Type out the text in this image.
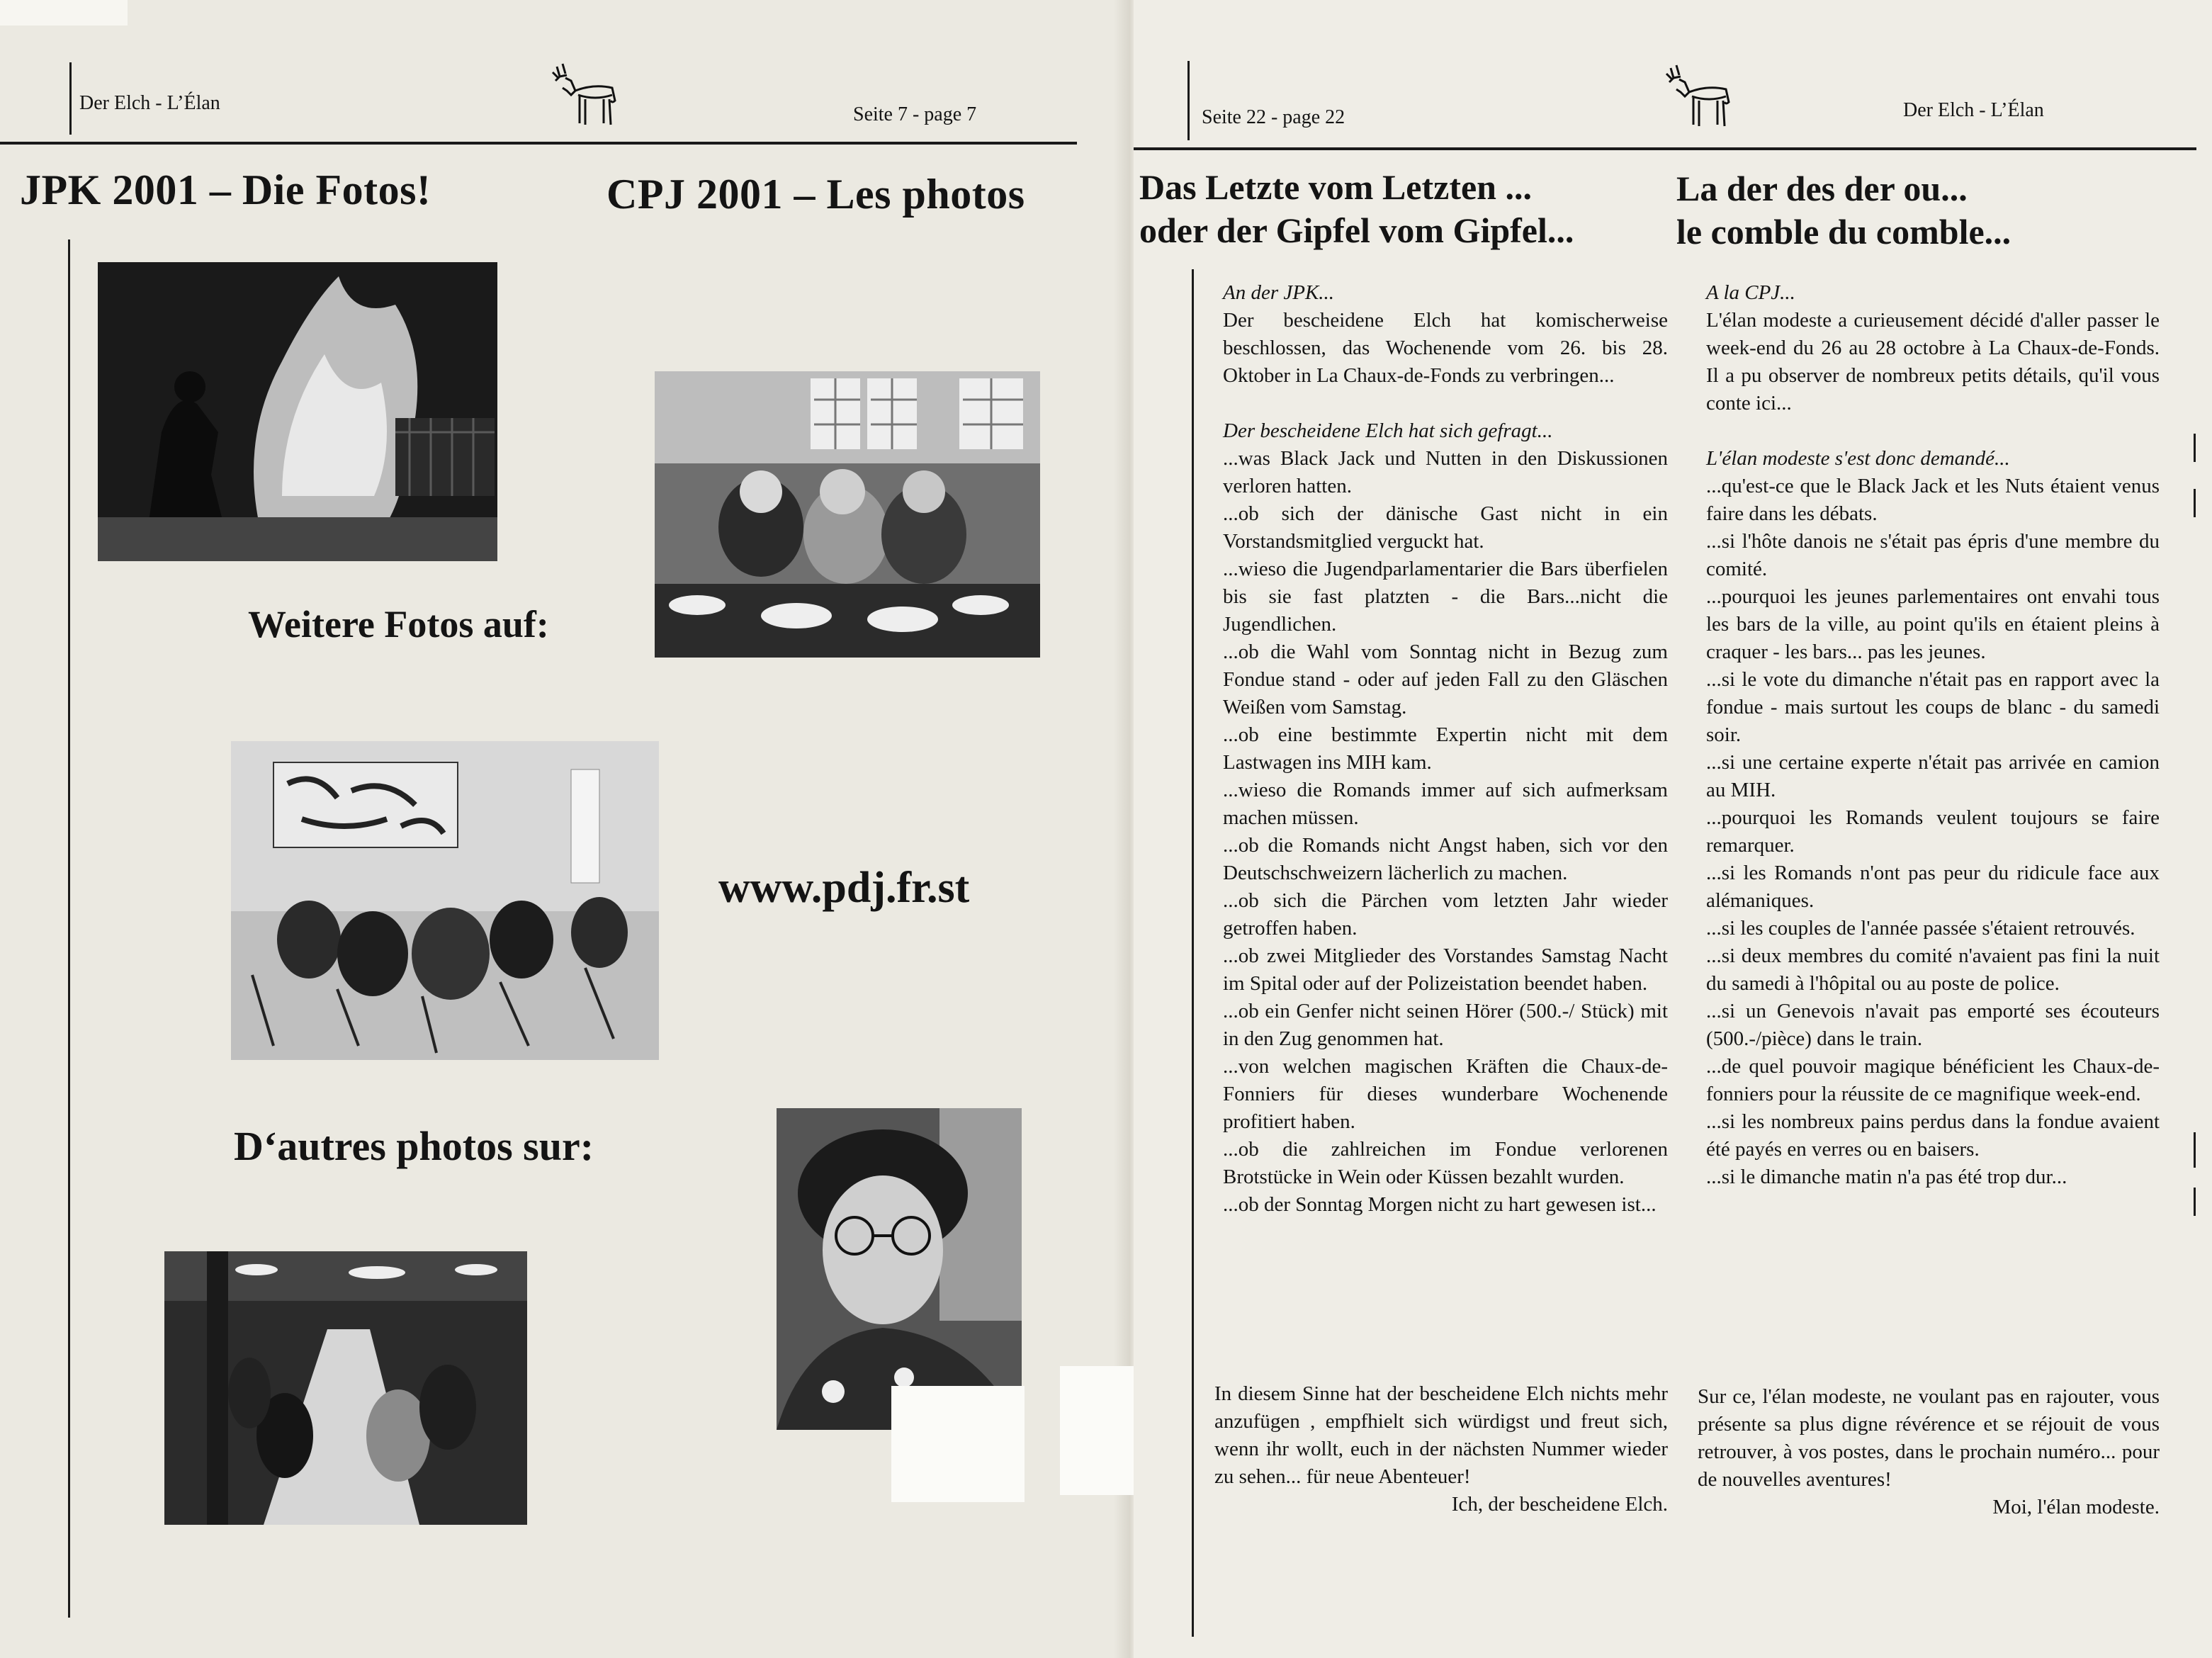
Der Elch - L’Élan
Seite 7 - page 7
JPK 2001 – Die Fotos!	CPJ 2001 – Les photos
Weitere Fotos auf:
www.pdj.fr.st
D‘autres photos sur:
Seite 22 - page 22	Der Elch - L’Élan
Das Letzte vom Letzten ...
oder der Gipfel vom Gipfel...
La der des der ou...
le comble du comble...

An der JPK...

Der bescheidene Elch hat komischerweise beschlossen, das Wochenende vom 26. bis 28. Oktober in La Chaux-de-Fonds zu verbringen...

Der bescheidene Elch hat sich gefragt...

...was Black Jack und Nutten in den Diskussionen verloren hatten.

...ob sich der dänische Gast nicht in ein Vorstandsmitglied verguckt hat.

...wieso die Jugendparlamentarier die Bars überfielen bis sie fast platzten - die Bars...nicht die Jugendlichen.

...ob die Wahl vom Sonntag nicht in Bezug zum Fondue stand - oder auf jeden Fall zu den Gläschen Weißen vom Samstag.

...ob eine bestimmte Expertin nicht mit dem Lastwagen ins MIH kam.

...wieso die Romands immer auf sich aufmerksam machen müssen.

...ob die Romands nicht Angst haben, sich vor den Deutschschweizern lächerlich zu machen.

...ob sich die Pärchen vom letzten Jahr wieder getroffen haben.

...ob zwei Mitglieder des Vorstandes Samstag Nacht im Spital oder auf der Polizeistation beendet haben.

...ob ein Genfer nicht seinen Hörer (500.-/ Stück) mit in den Zug genommen hat.

...von welchen magischen Kräften die Chaux-de-Fonniers für dieses wunderbare Wochenende profitiert haben.

...ob die zahlreichen im Fondue verlorenen Brotstücke in Wein oder Küssen bezahlt wurden.

...ob der Sonntag Morgen nicht zu hart gewesen ist...

A la CPJ...

L'élan modeste a curieusement décidé d'aller passer le week-end du 26 au 28 octobre à La Chaux-de-Fonds. Il a pu observer de nombreux petits détails, qu'il vous conte ici...

L'élan modeste s'est donc demandé...

...qu'est-ce que le Black Jack et les Nuts étaient venus faire dans les débats.

...si l'hôte danois ne s'était pas épris d'une membre du comité.

...pourquoi les jeunes parlementaires ont envahi tous les bars de la ville, au point qu'ils en étaient pleins à craquer - les bars... pas les jeunes.

...si le vote du dimanche n'était pas en rapport avec la fondue - mais surtout les coups de blanc - du samedi soir.

...si une certaine experte n'était pas arrivée en camion au MIH.

...pourquoi les Romands veulent toujours se faire remarquer.

...si les Romands n'ont pas peur du ridicule face aux alémaniques.

...si les couples de l'année passée s'étaient retrouvés.

...si deux membres du comité n'avaient pas fini la nuit du samedi à l'hôpital ou au poste de police.

...si un Genevois n'avait pas emporté ses écouteurs (500.-/pièce) dans le train.

...de quel pouvoir magique bénéficient les Chaux-de-fonniers pour la réussite de ce magnifique week-end.

...si les nombreux pains perdus dans la fondue avaient été payés en verres ou en baisers.

...si le dimanche matin n'a pas été trop dur...

In diesem Sinne hat der bescheidene Elch nichts mehr anzufügen , empfhielt sich würdigst und freut sich, wenn ihr wollt, euch in der nächsten Nummer wieder zu sehen... für neue Abenteuer!

Ich, der bescheidene Elch.

Sur ce, l'élan modeste, ne voulant pas en rajouter, vous présente sa plus digne révérence et se réjouit de vous retrouver, à vos postes, dans le prochain numéro... pour de nouvelles aventures!

Moi, l'élan modeste.
